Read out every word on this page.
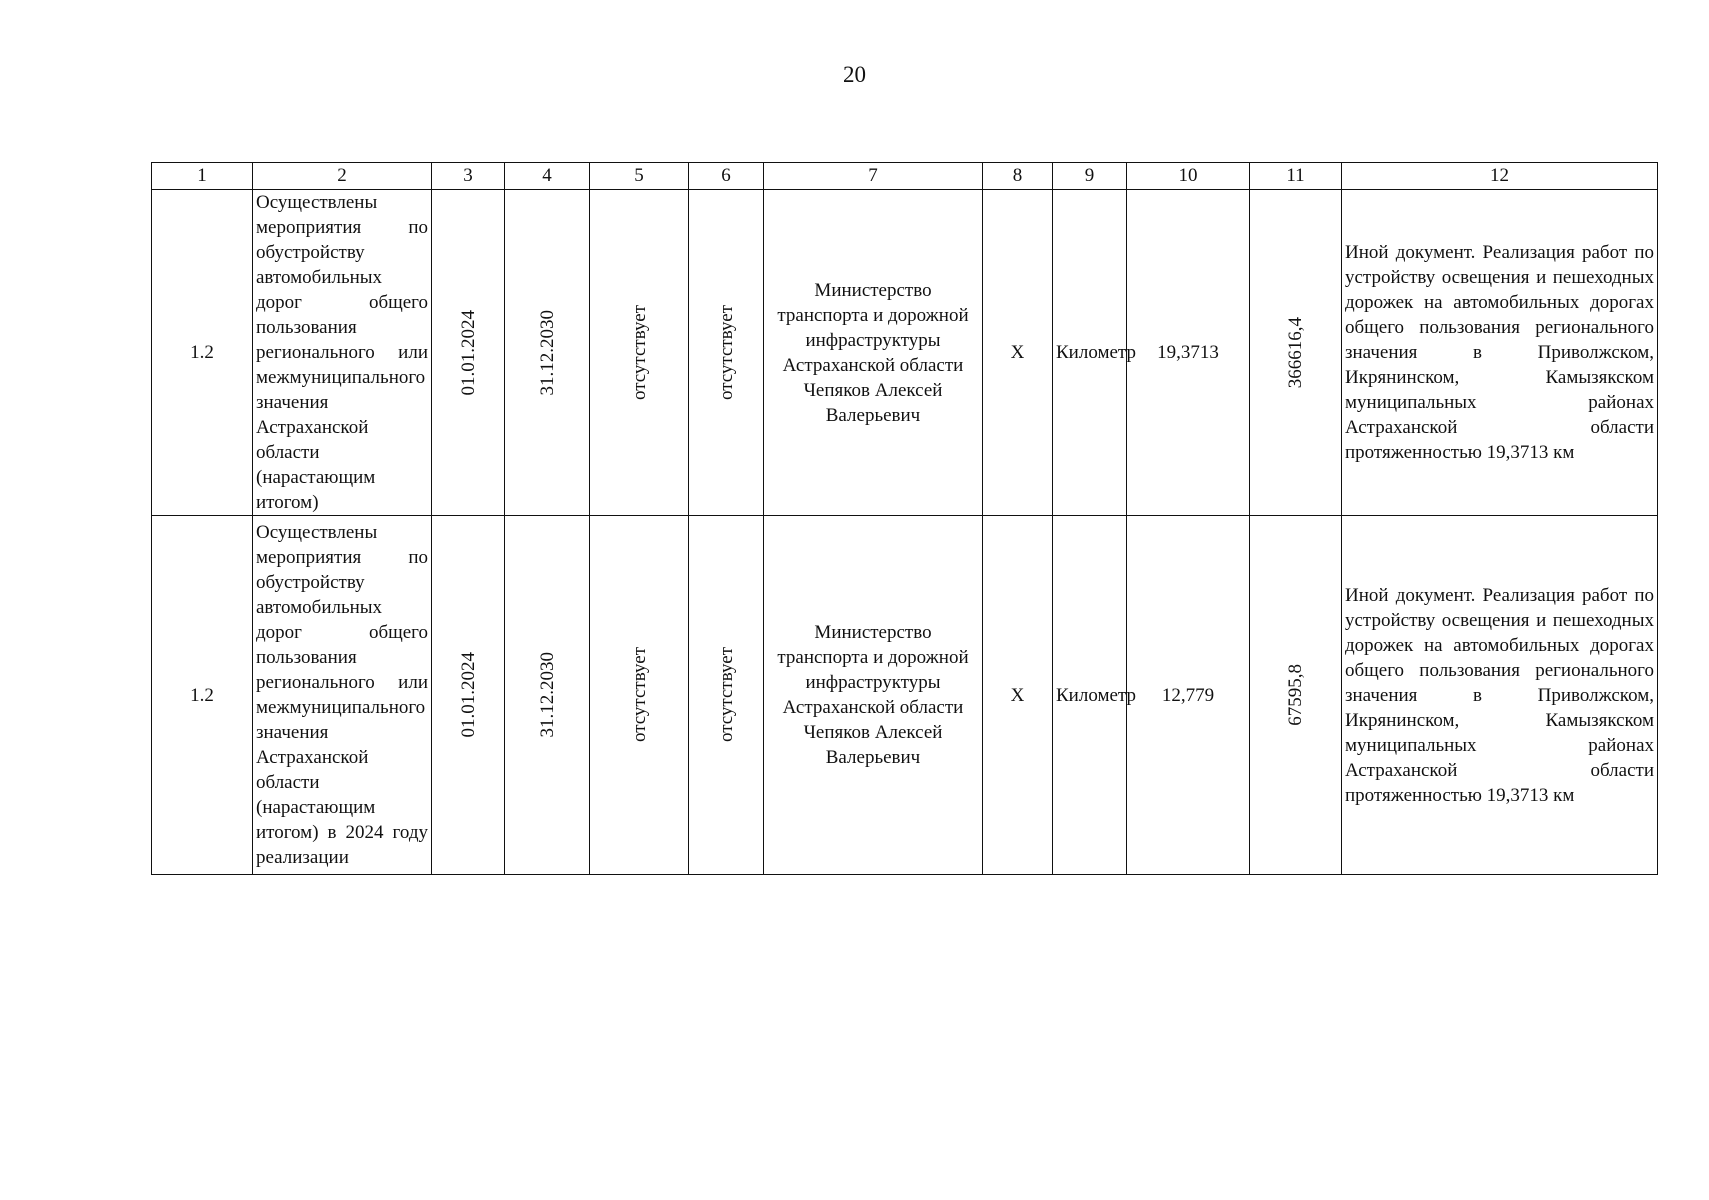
20
1	2	3	4	5	6	7	8	9	10	11	12
1.2	Осуществлены мероприятия по обустройству автомобильных дорог общего пользования регионального или межмуниципального значения Астраханской области (нарастающим итогом)	01.01.2024	31.12.2030	отсутствует	отсутствует	Министерство транспорта и дорожной инфраструктуры Астраханской области Чепяков Алексей Валерьевич	X	Километр	19,3713	366616,4	Иной документ. Реализация работ по устройству освещения и пешеходных дорожек на автомобильных дорогах общего пользования регионального значения в Приволжском, Икрянинском, Камызякском муниципальных районах Астраханской области протяженностью 19,3713 км
1.2	Осуществлены мероприятия по обустройству автомобильных дорог общего пользования регионального или межмуниципального значения Астраханской области (нарастающим итогом) в 2024 году реализации	01.01.2024	31.12.2030	отсутствует	отсутствует	Министерство транспорта и дорожной инфраструктуры Астраханской области Чепяков Алексей Валерьевич	X	Километр	12,779	67595,8	Иной документ. Реализация работ по устройству освещения и пешеходных дорожек на автомобильных дорогах общего пользования регионального значения в Приволжском, Икрянинском, Камызякском муниципальных районах Астраханской области протяженностью 19,3713 км
